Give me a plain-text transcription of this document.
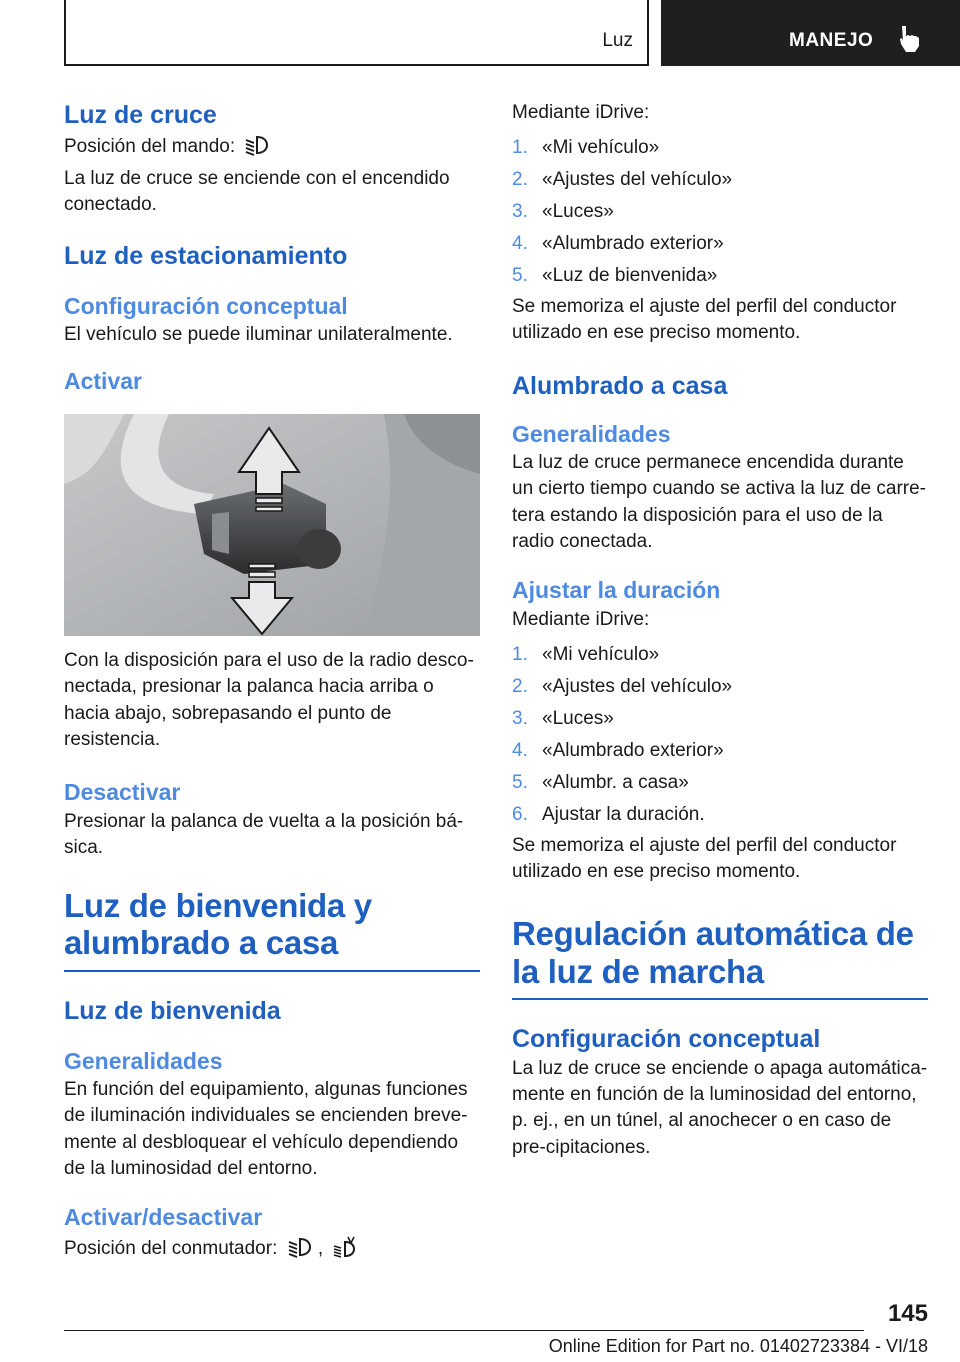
Luz	MANEJO
Luz de cruce

Posición del mando:

La luz de cruce se enciende con el encendido conectado.

Luz de estacionamiento
Configuración conceptual

El vehículo se puede iluminar unilateralmente.

Activar

Con la disposición para el uso de la radio desco‐nectada, presionar la palanca hacia arriba o hacia abajo, sobrepasando el punto de resistencia.

Desactivar

Presionar la palanca de vuelta a la posición bá‐sica.

Luz de bienvenida y alumbrado a casa
Luz de bienvenida
Generalidades

En función del equipamiento, algunas funciones de iluminación individuales se encienden breve‐mente al desbloquear el vehículo dependiendo de la luminosidad del entorno.

Activar/desactivar

Posición del conmutador: ,

Mediante iDrive:

1. «Mi vehículo»
2. «Ajustes del vehículo»
3. «Luces»
4. «Alumbrado exterior»
5. «Luz de bienvenida»

Se memoriza el ajuste del perfil del conductor utilizado en ese preciso momento.

Alumbrado a casa
Generalidades

La luz de cruce permanece encendida durante un cierto tiempo cuando se activa la luz de carre‐tera estando la disposición para el uso de la radio conectada.

Ajustar la duración

Mediante iDrive:

1. «Mi vehículo»
2. «Ajustes del vehículo»
3. «Luces»
4. «Alumbrado exterior»
5. «Alumbr. a casa»
6. Ajustar la duración.

Se memoriza el ajuste del perfil del conductor utilizado en ese preciso momento.

Regulación automática de la luz de marcha
Configuración conceptual

La luz de cruce se enciende o apaga automática‐mente en función de la luminosidad del entorno, p. ej., en un túnel, al anochecer o en caso de pre‐cipitaciones.

145
Online Edition for Part no. 01402723384 - VI/18
